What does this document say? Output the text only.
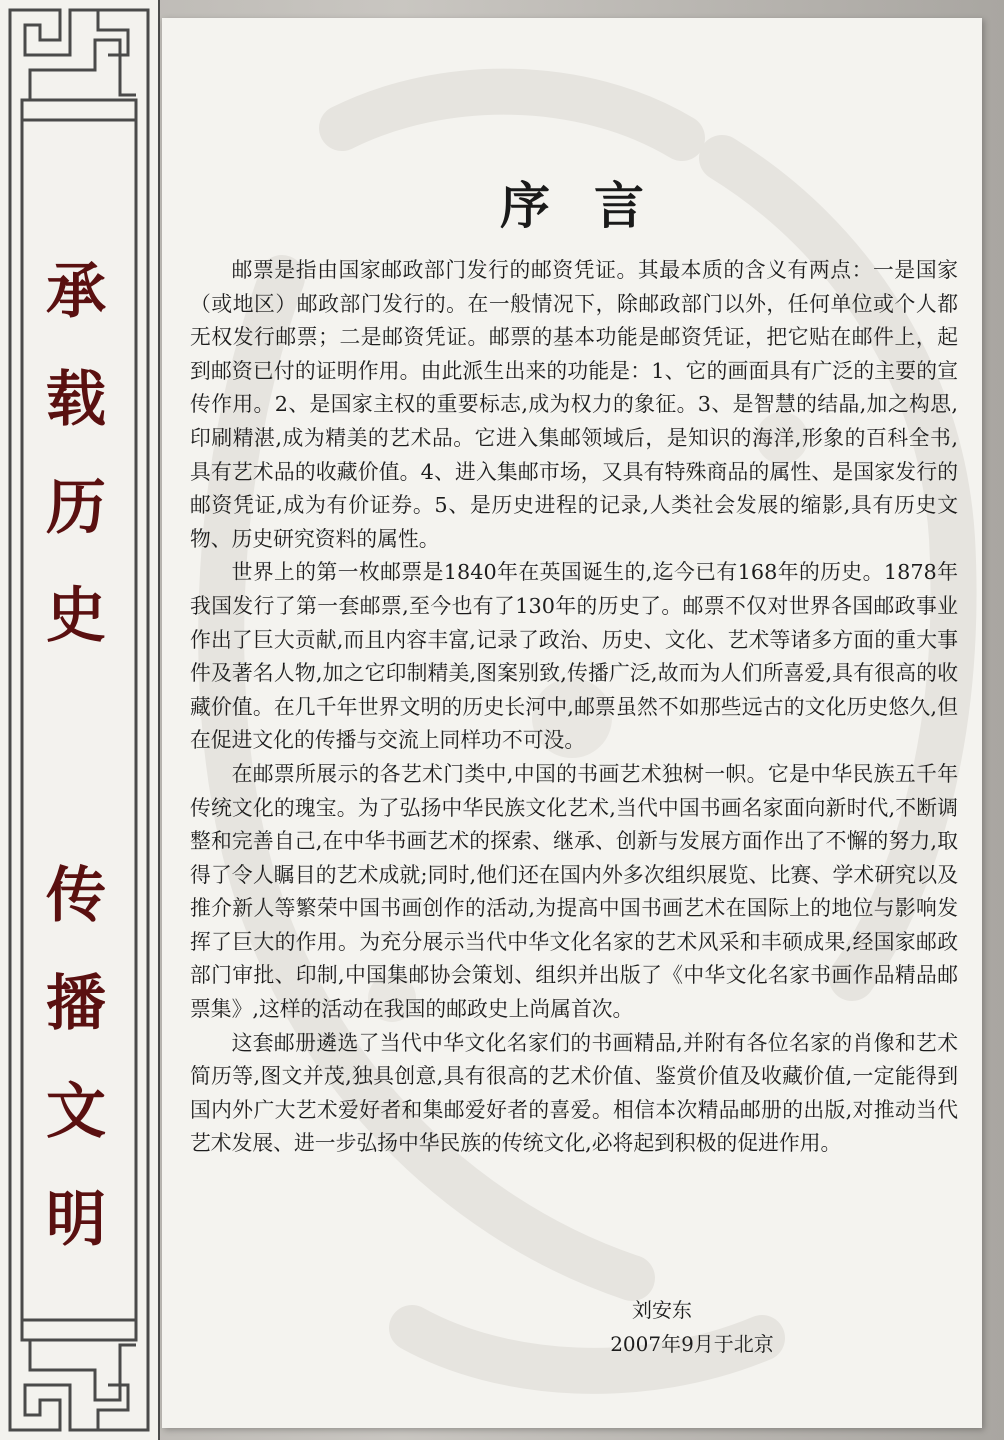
承
载
历
史
传
播
文
明
序言

邮票是指由国家邮政部门发行的邮资凭证。其最本质的含义有两点：一是国家（或地区）邮政部门发行的。在一般情况下，除邮政部门以外，任何单位或个人都无权发行邮票；二是邮资凭证。邮票的基本功能是邮资凭证，把它贴在邮件上，起到邮资已付的证明作用。由此派生出来的功能是：1、它的画面具有广泛的主要的宣传作用。2、是国家主权的重要标志,成为权力的象征。3、是智慧的结晶,加之构思,印刷精湛,成为精美的艺术品。它进入集邮领域后，是知识的海洋,形象的百科全书,具有艺术品的收藏价值。4、进入集邮市场，又具有特殊商品的属性、是国家发行的邮资凭证,成为有价证券。5、是历史进程的记录,人类社会发展的缩影,具有历史文物、历史研究资料的属性。

世界上的第一枚邮票是1840年在英国诞生的,迄今已有168年的历史。1878年我国发行了第一套邮票,至今也有了130年的历史了。邮票不仅对世界各国邮政事业作出了巨大贡献,而且内容丰富,记录了政治、历史、文化、艺术等诸多方面的重大事件及著名人物,加之它印制精美,图案别致,传播广泛,故而为人们所喜爱,具有很高的收藏价值。在几千年世界文明的历史长河中,邮票虽然不如那些远古的文化历史悠久,但在促进文化的传播与交流上同样功不可没。

在邮票所展示的各艺术门类中,中国的书画艺术独树一帜。它是中华民族五千年传统文化的瑰宝。为了弘扬中华民族文化艺术,当代中国书画名家面向新时代,不断调整和完善自己,在中华书画艺术的探索、继承、创新与发展方面作出了不懈的努力,取得了令人瞩目的艺术成就;同时,他们还在国内外多次组织展览、比赛、学术研究以及推介新人等繁荣中国书画创作的活动,为提高中国书画艺术在国际上的地位与影响发挥了巨大的作用。为充分展示当代中华文化名家的艺术风采和丰硕成果,经国家邮政部门审批、印制,中国集邮协会策划、组织并出版了《中华文化名家书画作品精品邮票集》,这样的活动在我国的邮政史上尚属首次。

这套邮册遴选了当代中华文化名家们的书画精品,并附有各位名家的肖像和艺术简历等,图文并茂,独具创意,具有很高的艺术价值、鉴赏价值及收藏价值,一定能得到国内外广大艺术爱好者和集邮爱好者的喜爱。相信本次精品邮册的出版,对推动当代艺术发展、进一步弘扬中华民族的传统文化,必将起到积极的促进作用。

刘安东
2007年9月于北京
